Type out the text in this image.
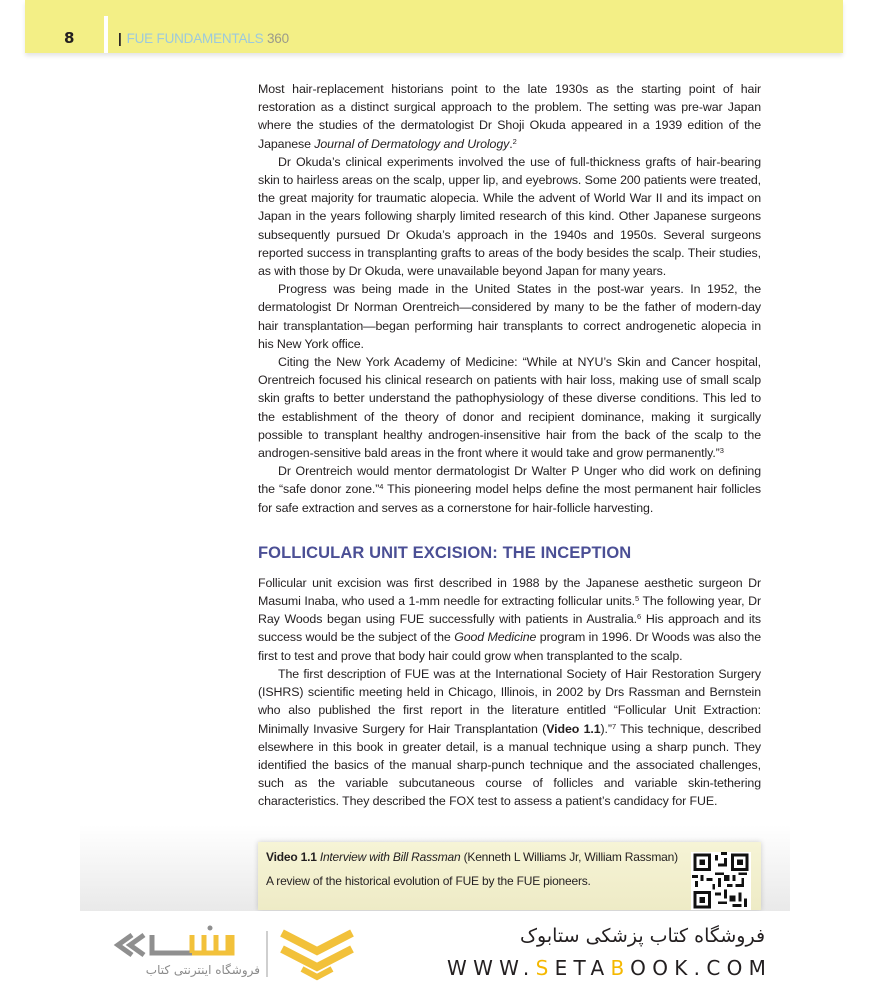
8	| FUE FUNDAMENTALS 360

Most hair-replacement historians point to the late 1930s as the starting point of hair restoration as a distinct surgical approach to the problem. The setting was pre-war Japan where the studies of the dermatologist Dr Shoji Okuda appeared in a 1939 edition of the Japanese Journal of Dermatology and Urology.$^2$

Dr Okuda’s clinical experiments involved the use of full-thickness grafts of hair-bearing skin to hairless areas on the scalp, upper lip, and eyebrows. Some 200 patients were treated, the great majority for traumatic alopecia. While the advent of World War II and its impact on Japan in the years following sharply limited research of this kind. Other Japanese surgeons subsequently pursued Dr Okuda’s approach in the 1940s and 1950s. Several surgeons reported success in transplanting grafts to areas of the body besides the scalp. Their studies, as with those by Dr Okuda, were unavailable beyond Japan for many years.

Progress was being made in the United States in the post-war years. In 1952, the dermatologist Dr Norman Orentreich—considered by many to be the father of modern-day hair transplantation—began performing hair transplants to correct androgenetic alopecia in his New York office.

Citing the New York Academy of Medicine: “While at NYU’s Skin and Cancer hospital, Orentreich focused his clinical research on patients with hair loss, making use of small scalp skin grafts to better understand the pathophysiology of these diverse conditions. This led to the establishment of the theory of donor and recipient dominance, making it surgically possible to transplant healthy androgen-insensitive hair from the back of the scalp to the androgen-sensitive bald areas in the front where it would take and grow permanently.”$^3$

Dr Orentreich would mentor dermatologist Dr Walter P Unger who did work on defining the “safe donor zone.”$^4$ This pioneering model helps define the most permanent hair follicles for safe extraction and serves as a cornerstone for hair-follicle harvesting.

FOLLICULAR UNIT EXCISION: THE INCEPTION

Follicular unit excision was first described in 1988 by the Japanese aesthetic surgeon Dr Masumi Inaba, who used a 1-mm needle for extracting follicular units.$^5$ The following year, Dr Ray Woods began using FUE successfully with patients in Australia.$^6$ His approach and its success would be the subject of the Good Medicine program in 1996. Dr Woods was also the first to test and prove that body hair could grow when transplanted to the scalp.

The first description of FUE was at the International Society of Hair Restoration Surgery (ISHRS) scientific meeting held in Chicago, Illinois, in 2002 by Drs Rassman and Bernstein who also published the first report in the literature entitled “Follicular Unit Extraction: Minimally Invasive Surgery for Hair Transplantation (Video 1.1).”$^7$ This technique, described elsewhere in this book in greater detail, is a manual technique using a sharp punch. They identified the basics of the manual sharp-punch technique and the associated challenges, such as the variable subcutaneous course of follicles and variable skin-tethering characteristics. They described the FOX test to assess a patient’s candidacy for FUE.

Video 1.1 Interview with Bill Rassman (Kenneth L Williams Jr, William Rassman)
A review of the historical evolution of FUE by the FUE pioneers.
فروشگاه اینترنتی کتاب
فروشگاه کتاب پزشکی ستابوک
WWW.SETABOOK.COM
